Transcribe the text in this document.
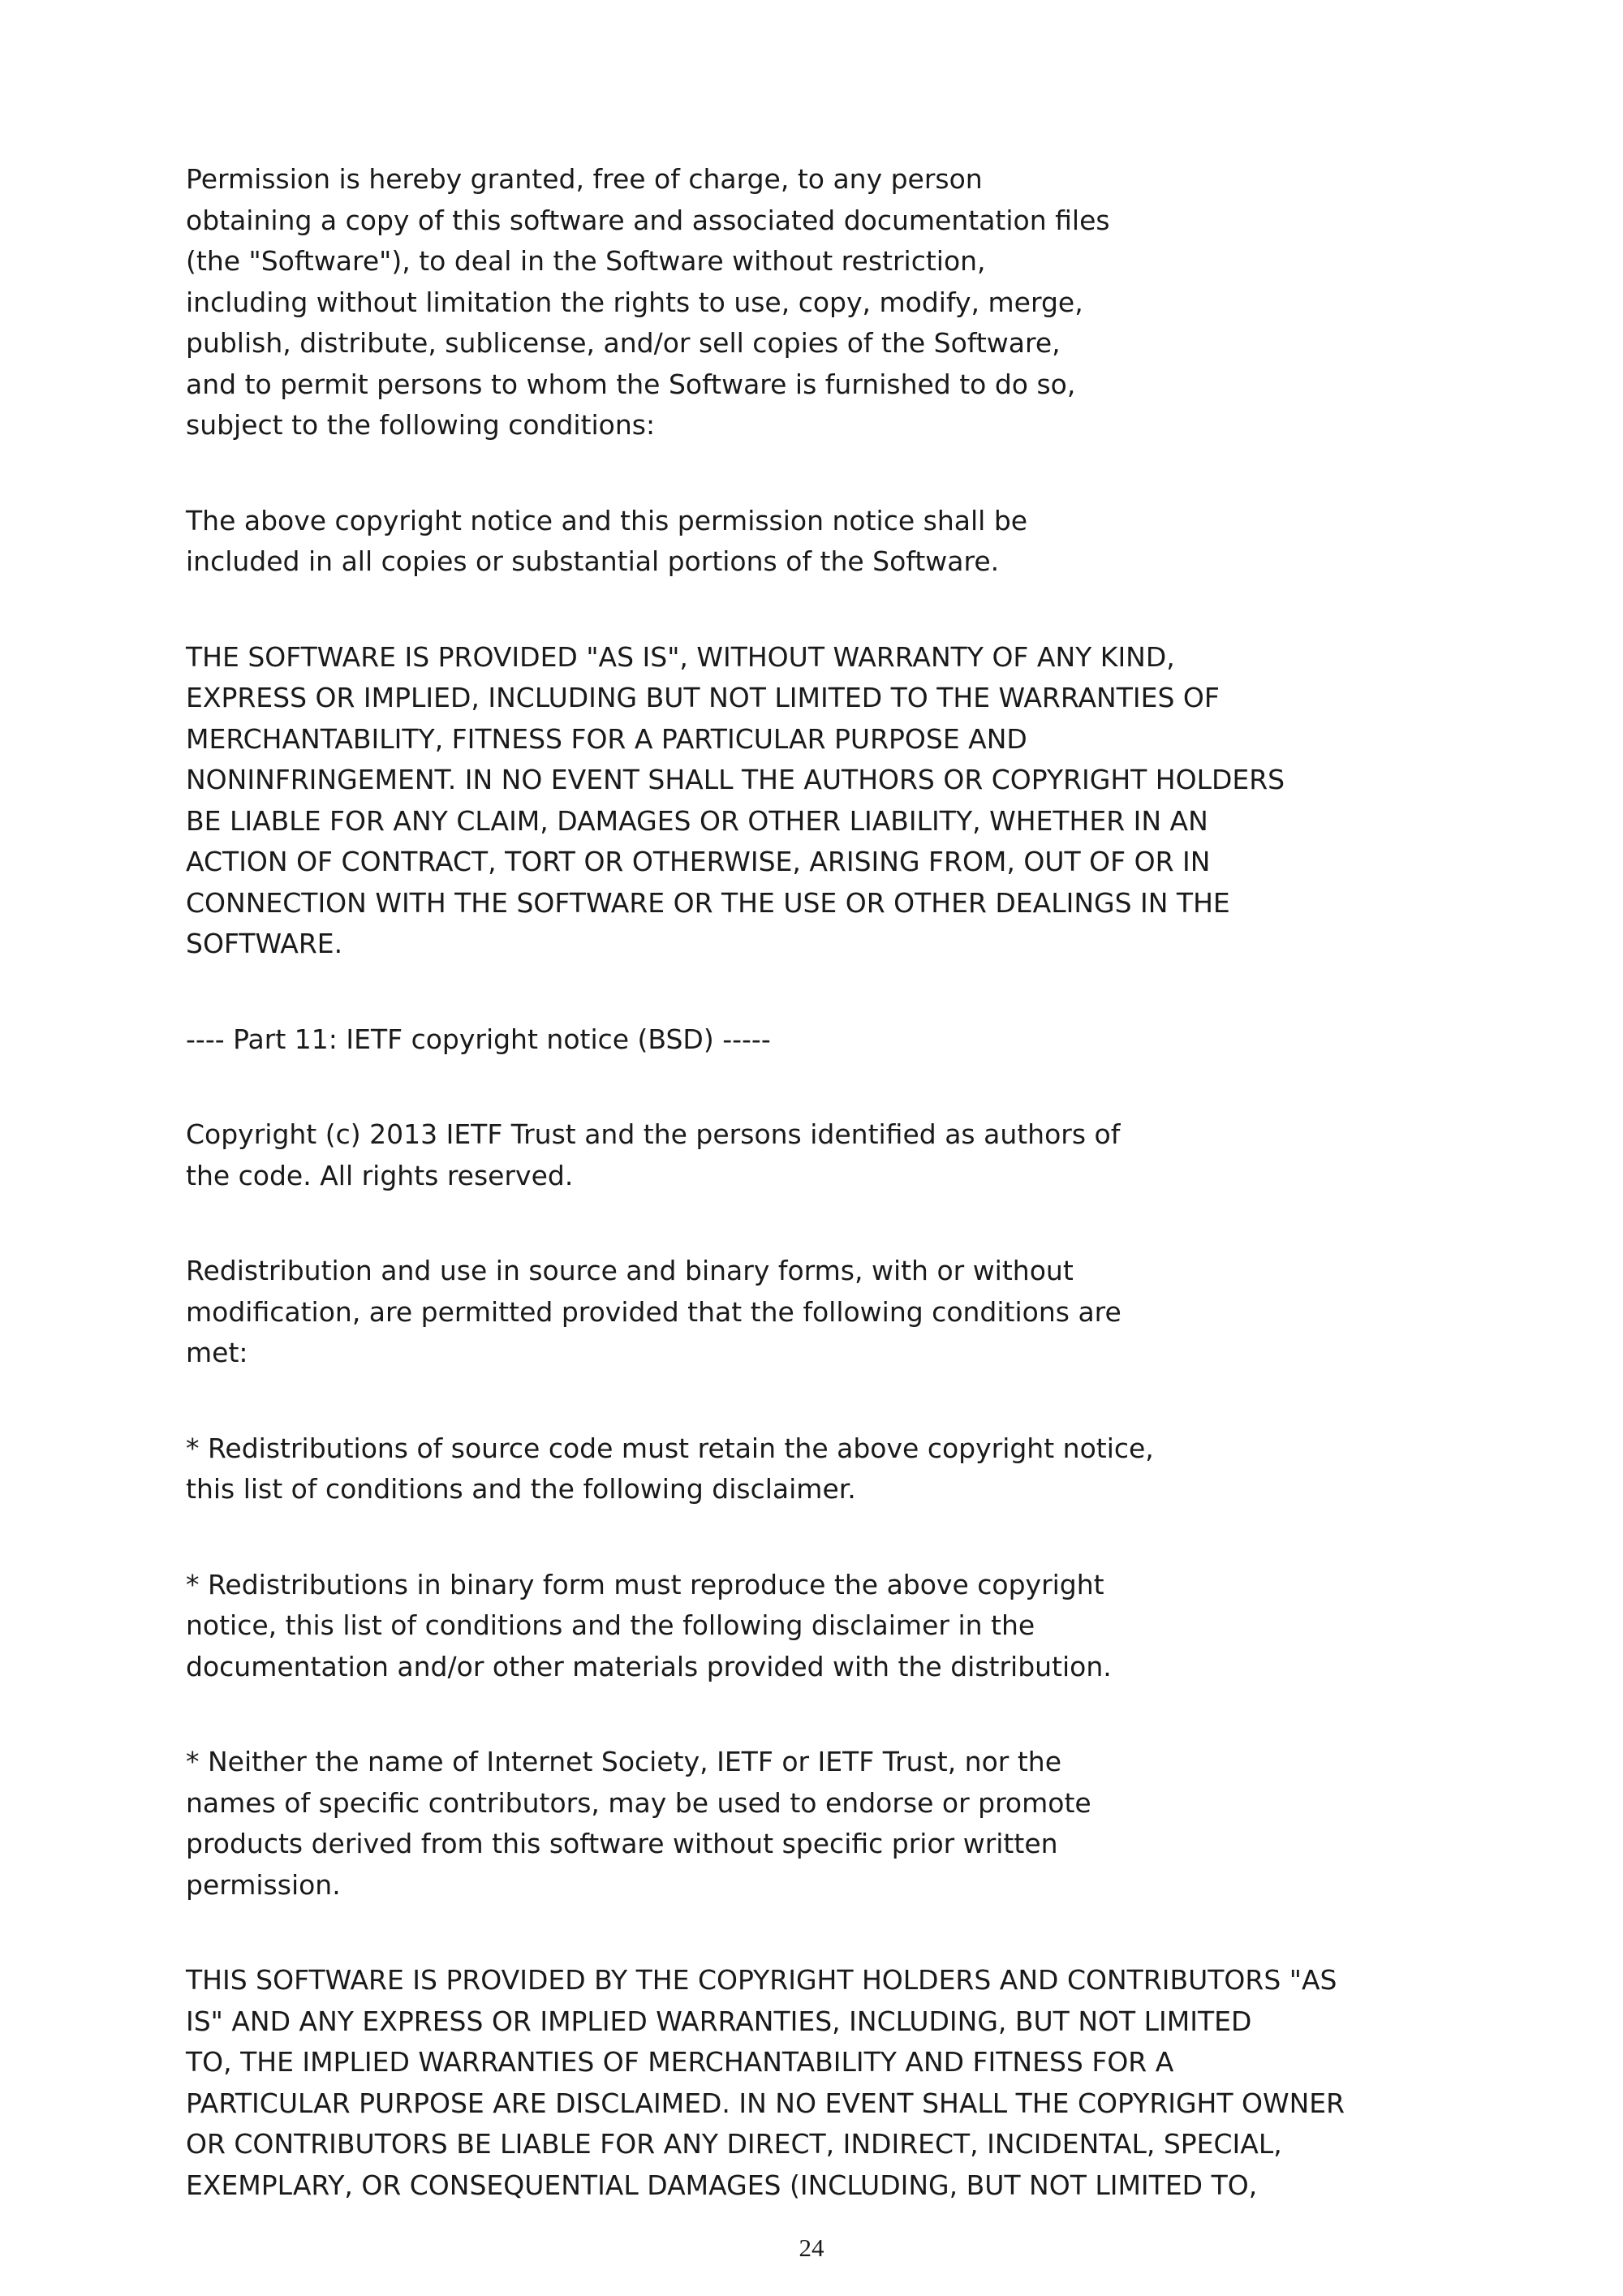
Permission is hereby granted, free of charge, to any person
obtaining a copy of this software and associated documentation files
(the "Software"), to deal in the Software without restriction,
including without limitation the rights to use, copy, modify, merge,
publish, distribute, sublicense, and/or sell copies of the Software,
and to permit persons to whom the Software is furnished to do so,
subject to the following conditions:

The above copyright notice and this permission notice shall be
included in all copies or substantial portions of the Software.

THE SOFTWARE IS PROVIDED "AS IS", WITHOUT WARRANTY OF ANY KIND,
EXPRESS OR IMPLIED, INCLUDING BUT NOT LIMITED TO THE WARRANTIES OF
MERCHANTABILITY, FITNESS FOR A PARTICULAR PURPOSE AND
NONINFRINGEMENT. IN NO EVENT SHALL THE AUTHORS OR COPYRIGHT HOLDERS
BE LIABLE FOR ANY CLAIM, DAMAGES OR OTHER LIABILITY, WHETHER IN AN
ACTION OF CONTRACT, TORT OR OTHERWISE, ARISING FROM, OUT OF OR IN
CONNECTION WITH THE SOFTWARE OR THE USE OR OTHER DEALINGS IN THE
SOFTWARE.

---- Part 11: IETF copyright notice (BSD) -----

Copyright (c) 2013 IETF Trust and the persons identified as authors of
the code. All rights reserved.

Redistribution and use in source and binary forms, with or without
modification, are permitted provided that the following conditions are
met:

* Redistributions of source code must retain the above copyright notice,
this list of conditions and the following disclaimer.

* Redistributions in binary form must reproduce the above copyright
notice, this list of conditions and the following disclaimer in the
documentation and/or other materials provided with the distribution.

* Neither the name of Internet Society, IETF or IETF Trust, nor the
names of specific contributors, may be used to endorse or promote
products derived from this software without specific prior written
permission.

THIS SOFTWARE IS PROVIDED BY THE COPYRIGHT HOLDERS AND CONTRIBUTORS "AS
IS" AND ANY EXPRESS OR IMPLIED WARRANTIES, INCLUDING, BUT NOT LIMITED
TO, THE IMPLIED WARRANTIES OF MERCHANTABILITY AND FITNESS FOR A
PARTICULAR PURPOSE ARE DISCLAIMED. IN NO EVENT SHALL THE COPYRIGHT OWNER
OR CONTRIBUTORS BE LIABLE FOR ANY DIRECT, INDIRECT, INCIDENTAL, SPECIAL,
EXEMPLARY, OR CONSEQUENTIAL DAMAGES (INCLUDING, BUT NOT LIMITED TO,

24
